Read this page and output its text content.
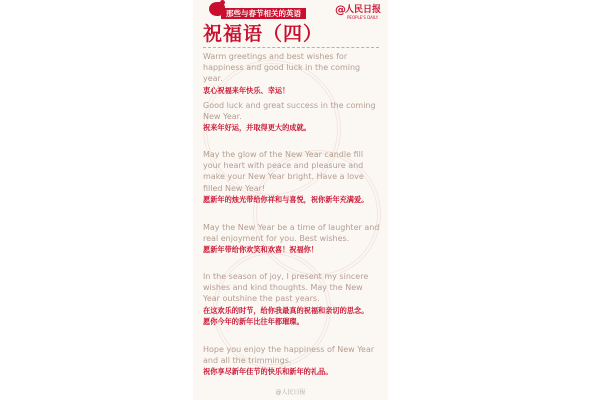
那些与春节相关的英语	@ 人民日报
PEOPLE'S DAILY
祝福语（四）
Warm greetings and best wishes for happiness and good luck in the coming year.
衷心祝福来年快乐、幸运！
Good luck and great success in the coming New Year.
祝来年好运，并取得更大的成就。
May the glow of the New Year candle fill your heart with peace and pleasure and make your New Year bright. Have a love filled New Year!
愿新年的烛光带给你祥和与喜悦，祝你新年充满爱。
May the New Year be a time of laughter and real enjoyment for you. Best wishes.
愿新年带给你欢笑和欢喜！祝福你！
In the season of joy, I present my sincere wishes and kind thoughts. May the New Year outshine the past years.
在这欢乐的时节，给你我最真的祝福和亲切的思念。
愿你今年的新年比往年都璀璨。
Hope you enjoy the happiness of New Year and all the trimmings.
祝你享尽新年佳节的快乐和新年的礼品。
@人民日报
